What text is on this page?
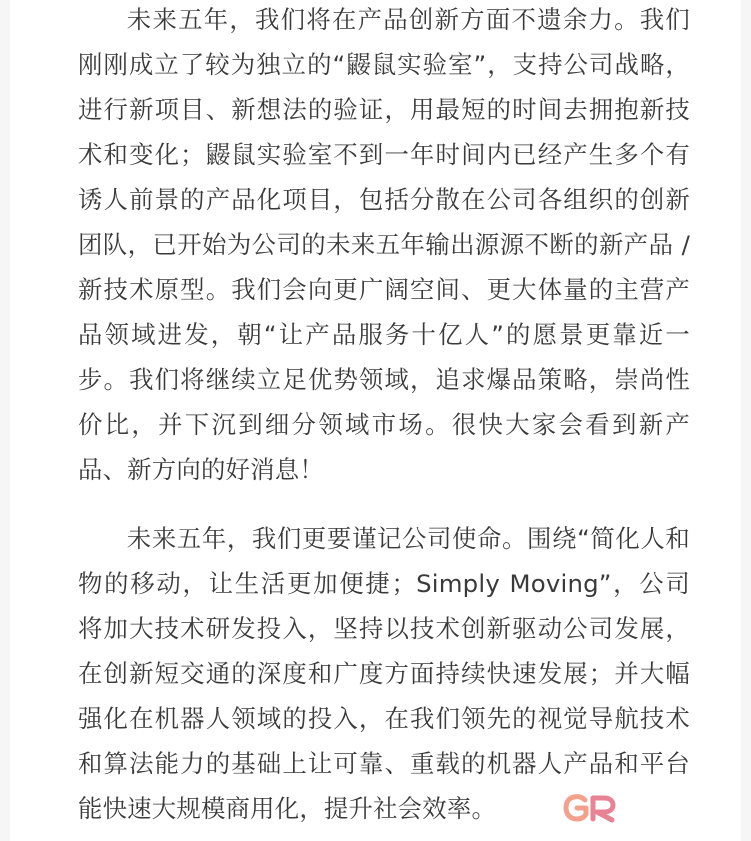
未来五年，我们将在产品创新方面不遗余力。我们刚刚成立了较为独立的“鼹鼠实验室”，支持公司战略，进行新项目、新想法的验证，用最短的时间去拥抱新技术和变化；鼹鼠实验室不到一年时间内已经产生多个有诱人前景的产品化项目，包括分散在公司各组织的创新团队，已开始为公司的未来五年输出源源不断的新产品 / 新技术原型。我们会向更广阔空间、更大体量的主营产品领域进发，朝“让产品服务十亿人”的愿景更靠近一步。我们将继续立足优势领域，追求爆品策略，崇尚性价比，并下沉到细分领域市场。很快大家会看到新产品、新方向的好消息！

未来五年，我们更要谨记公司使命。围绕“简化人和物的移动，让生活更加便捷；Simply Moving”，公司将加大技术研发投入，坚持以技术创新驱动公司发展，在创新短交通的深度和广度方面持续快速发展；并大幅强化在机器人领域的投入，在我们领先的视觉导航技术和算法能力的基础上让可靠、重载的机器人产品和平台能快速大规模商用化，提升社会效率。
